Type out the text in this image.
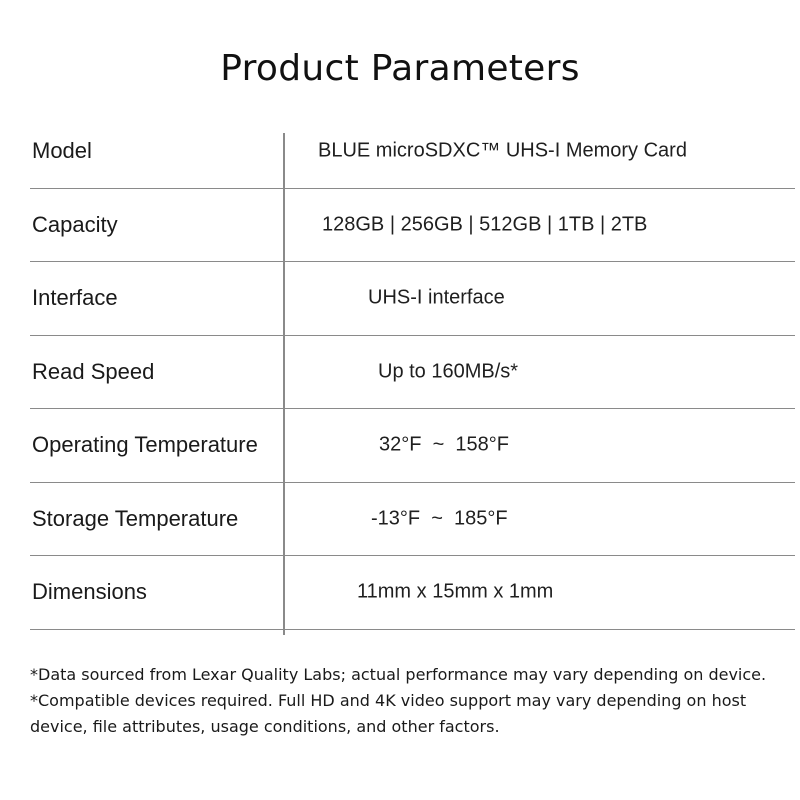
Product Parameters
Model	BLUE microSDXC™ UHS-I Memory Card
Capacity	128GB | 256GB | 512GB | 1TB | 2TB
Interface	UHS-I interface
Read Speed	Up to 160MB/s*
Operating Temperature	32°F  ~  158°F
Storage Temperature	-13°F  ~  185°F
Dimensions	11mm x 15mm x 1mm

*Data sourced from Lexar Quality Labs; actual performance may vary depending on device.

*Compatible devices required. Full HD and 4K video support may vary depending on host

device, file attributes, usage conditions, and other factors.
